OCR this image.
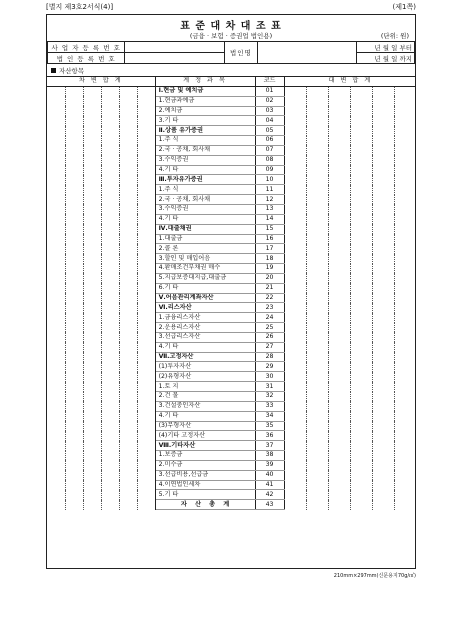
[별지 제3호2서식(4)]	(제1쪽)
표 준 대 차 대 조 표
(금융 · 보험 · 증권업 법인용)	(단위: 원)
사 업 자 등 록 번 호		법인명		년 월 일 부터
법 인 등 록 번 호				년 월 일 까지
자산항목
차 변 합 계						계 정 과 목	코드	대 변 합 계					
						Ⅰ.현금 및 예치금	01						
						1.현금과예금	02						
						2.예치금	03						
						3.기 타	04						
						Ⅱ.상품 유가증권	05						
						1.주 식	06						
						2.국 · 공채, 회사채	07						
						3.수익증권	08						
						4.기 타	09						
						Ⅲ.투자유가증권	10						
						1.주 식	11						
						2.국 · 공채, 회사채	12						
						3.수익증권	13						
						4.기 타	14						
						Ⅳ.대출채권	15						
						1.대출금	16						
						2.콜 론	17						
						3.할인 및 매입어음	18						
						4.환매조건부채권 매수	19						
						5.지급보증대지급,대출금	20						
						6.기 타	21						
						Ⅴ.어음관리계좌자산	22						
						Ⅵ.리스자산	23						
						1.금융리스자산	24						
						2.운용리스자산	25						
						3.선급리스자산	26						
						4.기 타	27						
						Ⅶ.고정자산	28						
						(1)투자자산	29						
						(2)유형자산	30						
						1.토 지	31						
						2.건 물	32						
						3.건설중인자산	33						
						4.기 타	34						
						(3)무형자산	35						
						(4)기타 고정자산	36						
						Ⅷ.기타자산	37						
						1.보증금	38						
						2.미수금	39						
						3.선급비용,선급금	40						
						4.이연법인세차	41						
						5.기 타	42						
						자 산 총 계	43						
210mm×297mm(신문용지70g/㎡)
